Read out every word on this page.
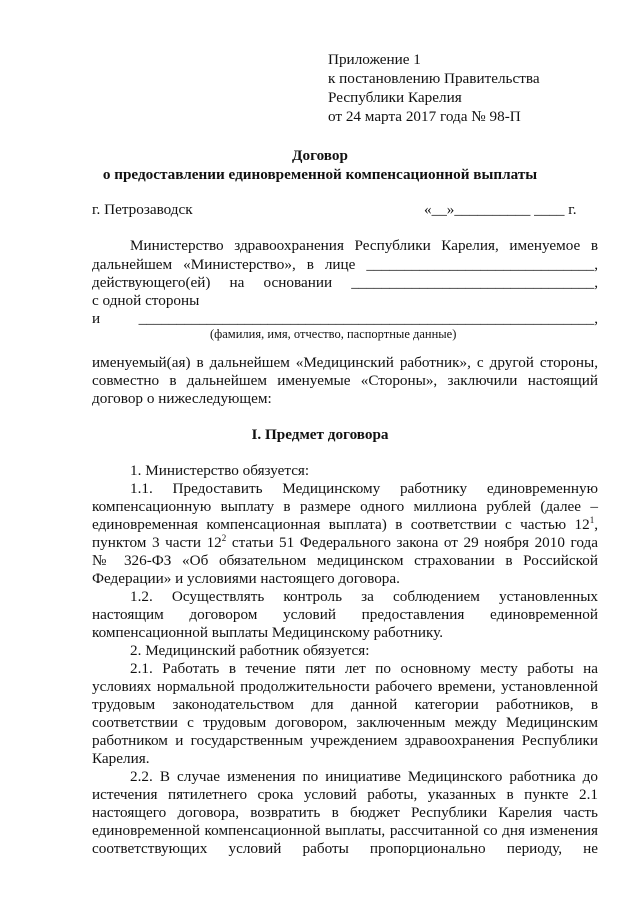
Приложение 1
к постановлению Правительства
Республики Карелия
от 24 марта 2017 года № 98-П
Договор
о предоставлении единовременной компенсационной выплаты
г. Петрозаводск	«__»__________ ____ г.
Министерство здравоохранения Республики Карелия, именуемое в
дальнейшем «Министерство», в лице ______________________________,
действующего(ей) на основании ________________________________,
с одной стороны
и ____________________________________________________________,
(фамилия, имя, отчество, паспортные данные)
именуемый(ая) в дальнейшем «Медицинский работник», с другой стороны,
совместно в дальнейшем именуемые «Стороны», заключили настоящий
договор о нижеследующем:
I. Предмет договора
1. Министерство обязуется:
1.1. Предоставить Медицинскому работнику единовременную
компенсационную выплату в размере одного миллиона рублей (далее –
единовременная компенсационная выплата) в соответствии с частью $12^1$,
пунктом 3 части $12^2$ статьи 51 Федерального закона от 29 ноября 2010 года
№ 326-ФЗ «Об обязательном медицинском страховании в Российской
Федерации» и условиями настоящего договора.
1.2. Осуществлять контроль за соблюдением установленных
настоящим договором условий предоставления единовременной
компенсационной выплаты Медицинскому работнику.
2. Медицинский работник обязуется:
2.1. Работать в течение пяти лет по основному месту работы на
условиях нормальной продолжительности рабочего времени, установленной
трудовым законодательством для данной категории работников, в
соответствии с трудовым договором, заключенным между Медицинским
работником и государственным учреждением здравоохранения Республики
Карелия.
2.2. В случае изменения по инициативе Медицинского работника до
истечения пятилетнего срока условий работы, указанных в пункте 2.1
настоящего договора, возвратить в бюджет Республики Карелия часть
единовременной компенсационной выплаты, рассчитанной со дня изменения
соответствующих условий работы пропорционально периоду, не
